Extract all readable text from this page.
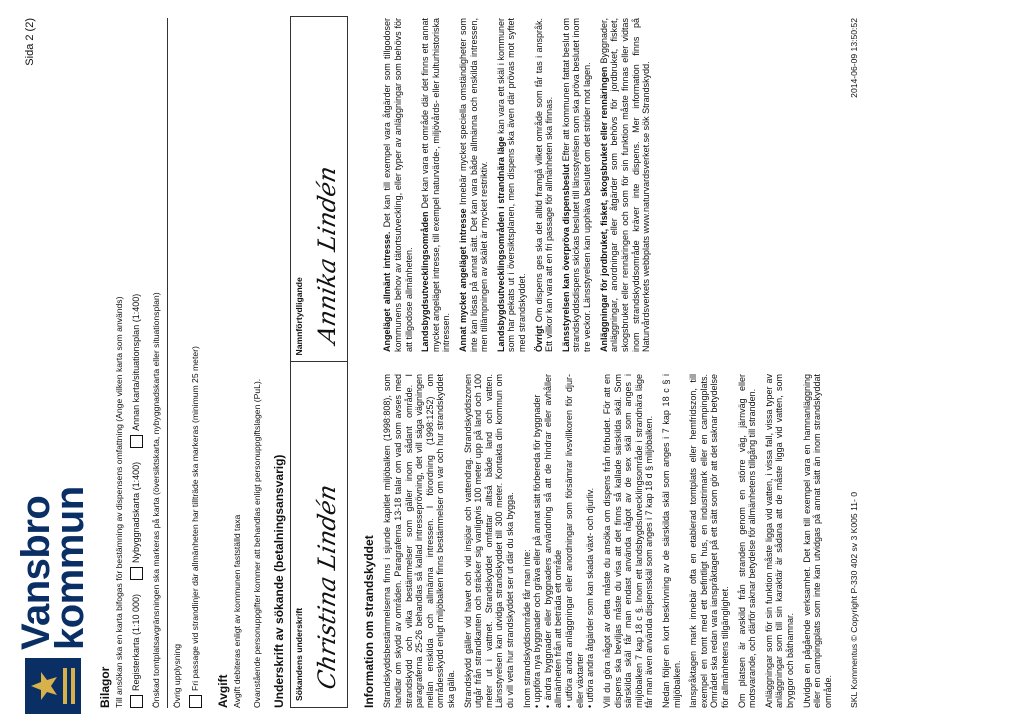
Vansbro
kommun
Sida 2 (2)
Bilagor Till ansökan ska en karta bifogas för bestämning av dispensens omfattning (Ange vilken karta som används) Registerkarta (1:10 000)
Nybyggnadskarta (1:400)
Annan karta/situationsplan (1:400) Önskad tomtplatsavgränsningen ska markeras på karta (översiktskarta, nybyggnadskarta eller situationsplan) Övrig upplysning Fri passage vid strandlinjer där allmänheten har tillträde ska markeras (minimum 25 meter)
Avgift Avgift debiteras enligt av kommunen fastställd taxa Ovanstående personuppgifter kommer att behandlas enligt personuppgiftslagen (PuL). Underskrift av sökande (betalningsansvarig) Sökandens underskrift Christina Lindén
Namnförtydligande Annika Lindén
Information om strandskyddet Strandskyddsbestämmelserna finns i sjunde kapitlet miljöbalken (1998:808), som handlar om skydd av områden. Paragraferna 13-18 talar om vad som avses med strandskydd och vilka bestämmelser som gäller inom sådant område. I paragraferna 25-26 behandlas så kallad intresseprövning, det vill säga vägningen mellan enskilda och allmänna intressen. I förordning (1998:1252) om områdesskydd enligt miljöbalken finns bestämmelser om var och hur strandskyddet ska gälla. Strandskydd gäller vid havet och vid insjöar och vattendrag. Strandskyddszonen utgår från strandkanten och sträcker sig vanligtvis 100 meter upp på land och 100 meter ut i vattnet. Strandskyddet omfattar alltså både land och vatten. Länsstyrelsen kan utvidga strandskyddet till 300 meter. Kontakta din kommun om du vill veta hur strandskyddet ser ut där du ska bygga. Inom strandskyddsområde får man inte:
• uppföra nya byggnader och gräva eller på annat sätt förbereda för byggnader
• ändra byggnader eller byggnaders användning så att de hindrar eller avhåller allmänheten från att beträda ett område
• utföra andra anläggningar eller anordningar som försämrar livsvillkoren för djur- eller växtarter
• utföra andra åtgärder som kan skada växt- och djurliv. Vill du göra något av detta måste du ansöka om dispens från förbudet. För att en dispens ska beviljas måste du visa att det finns så kallade särskilda skäl. Som särskilda skäl får man endast använda något av de sex skäl som anges i miljöbalken 7 kap 18 c §. Inom ett landsbygdsutvecklingsområde i strandnära läge får man även använda dispensskäl som anges i 7 kap 18 d § miljöbalken. Nedan följer en kort beskrivning av de särskilda skäl som anges i 7 kap 18 c § i miljöbalken. Ianspråktagen mark innebär ofta en etablerad tomtplats eller hemfridszon, till exempel en tomt med ett befintligt hus, en industrimark eller en campingplats. Området ska redan vara ianspråktaget på ett sätt som gör att det saknar betydelse för allmänhetens tillgänglighet. Om platsen är avskild från stranden genom en större väg, järnväg eller motsvarande, och därför saknar betydelse för allmänhetens tillgång till stranden. Anläggningar som för sin funktion måste ligga vid vatten, i vissa fall, vissa typer av anläggningar som till sin karaktär är sådana att de måste ligga vid vatten, som bryggor och båthamnar. Utvidga en pågående verksamhet. Det kan till exempel vara en hamnanläggning eller en campingplats som inte kan utvidgas på annat sätt än inom strandskyddat område.

Angeläget allmänt intresse. Det kan till exempel vara åtgärder som tillgodoser kommunens behov av tätortsutveckling, eller typer av anläggningar som behövs för att tillgodose allmänheten. Landsbygdsutvecklingsområden Det kan vara ett område där det finns ett annat mycket angeläget intresse, till exempel naturvärde-, miljövårds- eller kulturhistoriska intressen. Annat mycket angeläget intresse Innebär mycket speciella omständigheter som inte kan lösas på annat sätt. Det kan vara både allmänna och enskilda intressen, men tillämpningen av skälet är mycket restriktiv. Landsbygdsutvecklingsområden i strandnära läge kan vara ett skäl i kommuner som har pekats ut i översiktsplanen, men dispens ska även där prövas mot syftet med strandskyddet. Övrigt Om dispens ges ska det alltid framgå vilket område som får tas i anspråk. Ett villkor kan vara att en fri passage för allmänheten ska finnas. Länsstyrelsen kan överpröva dispensbeslut Efter att kommunen fattat beslut om strandskyddsdispens skickas beslutet till länsstyrelsen som ska pröva beslutet inom tre veckor. Länsstyrelsen kan upphäva beslutet om det strider mot lagen. Anläggningar för jordbruket, fisket, skogsbruket eller rennäringen Byggnader, anläggningar, anordningar eller åtgärder som behövs för jordbruket, fisket, skogsbruket eller rennäringen och som för sin funktion måste finnas eller vidtas inom strandskyddsområde kräver inte dispens. Mer information finns på Naturvårdsverkets webbplats www.naturvardsverket.se sök Strandskydd.

SKL Kommentus © Copyright P-330 402 sv 3 K005 11- 0
2014-06-09 13:50:52
